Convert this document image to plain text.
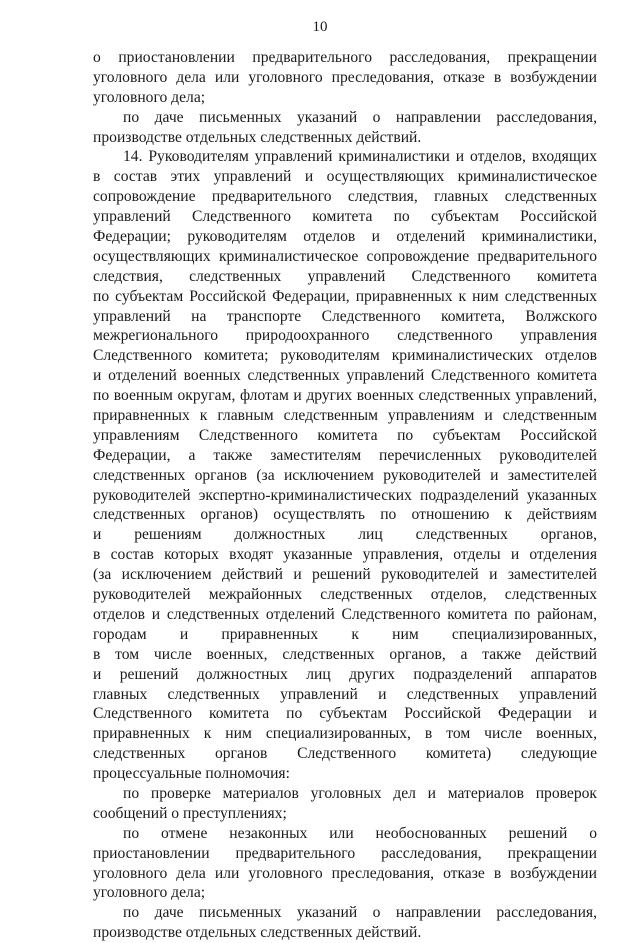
10
о приостановлении предварительного расследования, прекращении
уголовного дела или уголовного преследования, отказе в возбуждении
уголовного дела;
по даче письменных указаний о направлении расследования,
производстве отдельных следственных действий.
14. Руководителям управлений криминалистики и отделов, входящих
в состав этих управлений и осуществляющих криминалистическое
сопровождение предварительного следствия, главных следственных
управлений Следственного комитета по субъектам Российской
Федерации; руководителям отделов и отделений криминалистики,
осуществляющих криминалистическое сопровождение предварительного
следствия, следственных управлений Следственного комитета
по субъектам Российской Федерации, приравненных к ним следственных
управлений на транспорте Следственного комитета, Волжского
межрегионального природоохранного следственного управления
Следственного комитета; руководителям криминалистических отделов
и отделений военных следственных управлений Следственного комитета
по военным округам, флотам и других военных следственных управлений,
приравненных к главным следственным управлениям и следственным
управлениям Следственного комитета по субъектам Российской
Федерации, а также заместителям перечисленных руководителей
следственных органов (за исключением руководителей и заместителей
руководителей экспертно-криминалистических подразделений указанных
следственных органов) осуществлять по отношению к действиям
и решениям должностных лиц следственных органов,
в состав которых входят указанные управления, отделы и отделения
(за исключением действий и решений руководителей и заместителей
руководителей межрайонных следственных отделов, следственных
отделов и следственных отделений Следственного комитета по районам,
городам и приравненных к ним специализированных,
в том числе военных, следственных органов, а также действий
и решений должностных лиц других подразделений аппаратов
главных следственных управлений и следственных управлений
Следственного комитета по субъектам Российской Федерации и
приравненных к ним специализированных, в том числе военных,
следственных органов Следственного комитета) следующие
процессуальные полномочия:
по проверке материалов уголовных дел и материалов проверок
сообщений о преступлениях;
по отмене незаконных или необоснованных решений о
приостановлении предварительного расследования, прекращении
уголовного дела или уголовного преследования, отказе в возбуждении
уголовного дела;
по даче письменных указаний о направлении расследования,
производстве отдельных следственных действий.
